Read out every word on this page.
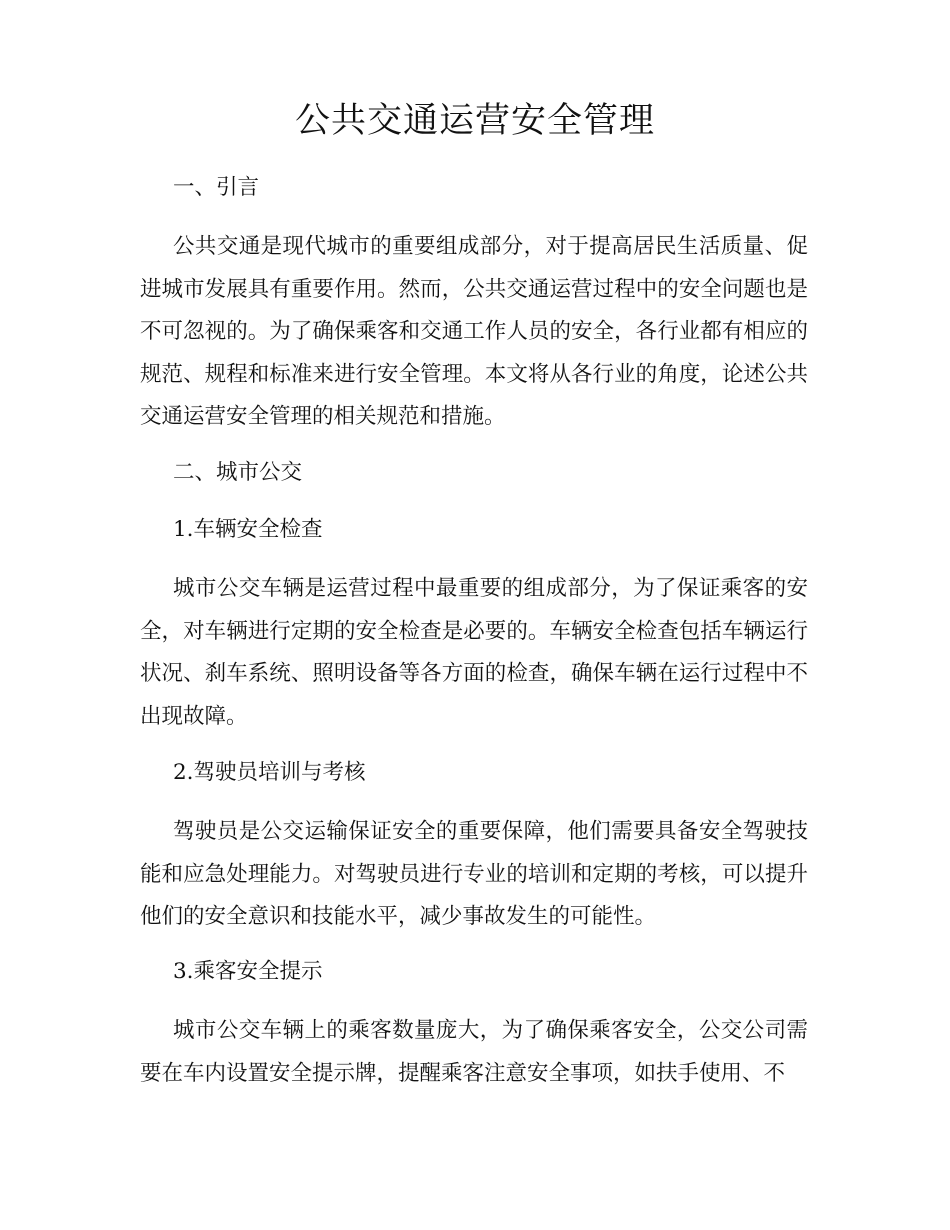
公共交通运营安全管理

一、引言

公共交通是现代城市的重要组成部分，对于提高居民生活质量、促进城市发展具有重要作用。然而，公共交通运营过程中的安全问题也是不可忽视的。为了确保乘客和交通工作人员的安全，各行业都有相应的规范、规程和标准来进行安全管理。本文将从各行业的角度，论述公共交通运营安全管理的相关规范和措施。

二、城市公交

1.车辆安全检查

城市公交车辆是运营过程中最重要的组成部分，为了保证乘客的安全，对车辆进行定期的安全检查是必要的。车辆安全检查包括车辆运行状况、刹车系统、照明设备等各方面的检查，确保车辆在运行过程中不出现故障。

2.驾驶员培训与考核

驾驶员是公交运输保证安全的重要保障，他们需要具备安全驾驶技能和应急处理能力。对驾驶员进行专业的培训和定期的考核，可以提升他们的安全意识和技能水平，减少事故发生的可能性。

3.乘客安全提示

城市公交车辆上的乘客数量庞大，为了确保乘客安全，公交公司需要在车内设置安全提示牌，提醒乘客注意安全事项，如扶手使用、不
